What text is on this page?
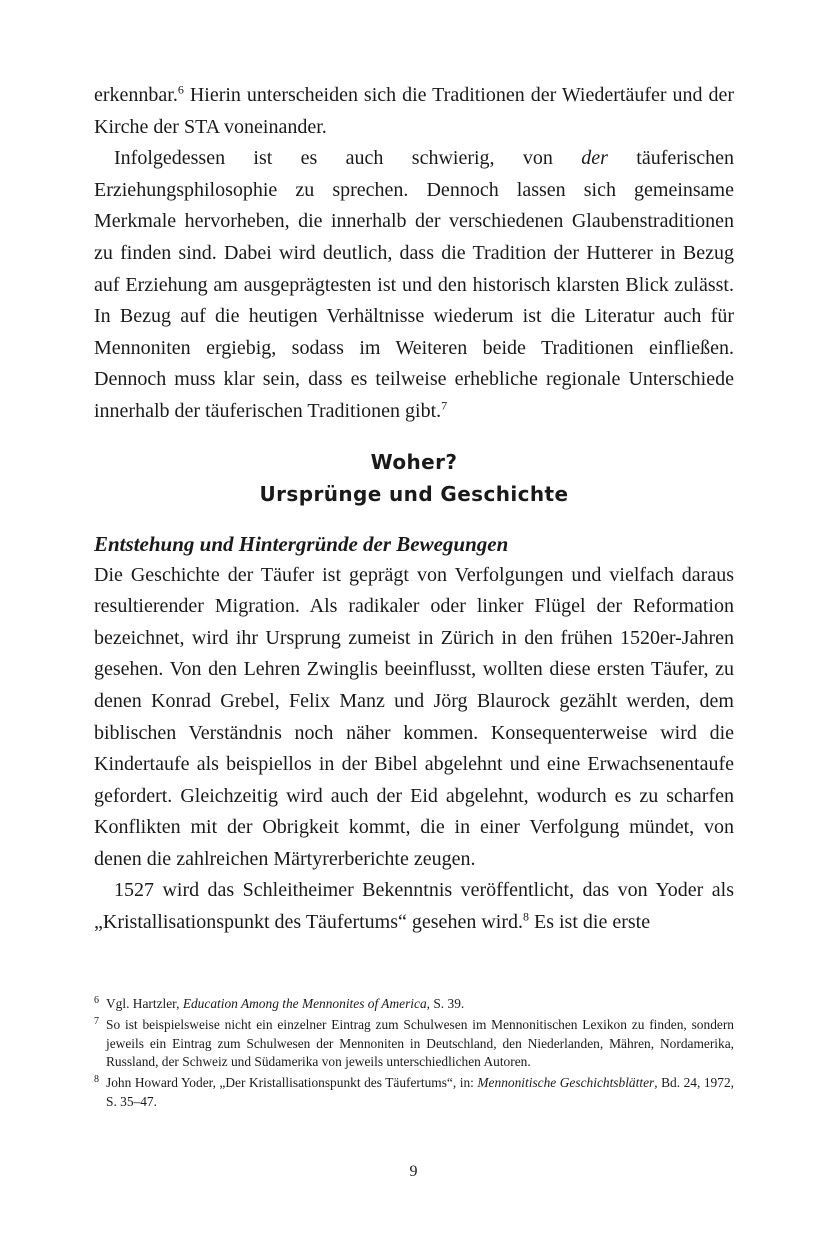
erkennbar.$^6$ Hierin unterscheiden sich die Traditionen der Wiedertäufer und der Kirche der STA voneinander.

Infolgedessen ist es auch schwierig, von der täuferischen Erziehungsphilosophie zu sprechen. Dennoch lassen sich gemeinsame Merkmale hervorheben, die innerhalb der verschiedenen Glaubenstraditionen zu finden sind. Dabei wird deutlich, dass die Tradition der Hutterer in Bezug auf Erziehung am ausgeprägtesten ist und den historisch klarsten Blick zulässt. In Bezug auf die heutigen Verhältnisse wiederum ist die Literatur auch für Mennoniten ergiebig, sodass im Weiteren beide Traditionen einfließen. Dennoch muss klar sein, dass es teilweise erhebliche regionale Unterschiede innerhalb der täuferischen Traditionen gibt.$^7$

Woher?
Ursprünge und Geschichte
Entstehung und Hintergründe der Bewegungen

Die Geschichte der Täufer ist geprägt von Verfolgungen und vielfach daraus resultierender Migration. Als radikaler oder linker Flügel der Reformation bezeichnet, wird ihr Ursprung zumeist in Zürich in den frühen 1520er-Jahren gesehen. Von den Lehren Zwinglis beeinflusst, wollten diese ersten Täufer, zu denen Konrad Grebel, Felix Manz und Jörg Blaurock gezählt werden, dem biblischen Verständnis noch näher kommen. Konsequenterweise wird die Kindertaufe als beispiellos in der Bibel abgelehnt und eine Erwachsenentaufe gefordert. Gleichzeitig wird auch der Eid abgelehnt, wodurch es zu scharfen Konflikten mit der Obrigkeit kommt, die in einer Verfolgung mündet, von denen die zahlreichen Märtyrerberichte zeugen.

1527 wird das Schleitheimer Bekenntnis veröffentlicht, das von Yoder als „Kristallisationspunkt des Täufertums“ gesehen wird.$^8$ Es ist die erste

6 Vgl. Hartzler, Education Among the Mennonites of America, S. 39.

7 So ist beispielsweise nicht ein einzelner Eintrag zum Schulwesen im Mennonitischen Lexikon zu finden, sondern jeweils ein Eintrag zum Schulwesen der Mennoniten in Deutschland, den Niederlanden, Mähren, Nordamerika, Russland, der Schweiz und Südamerika von jeweils unterschiedlichen Autoren.

8 John Howard Yoder, „Der Kristallisationspunkt des Täufertums“, in: Mennonitische Geschichtsblätter, Bd. 24, 1972, S. 35–47.

9
